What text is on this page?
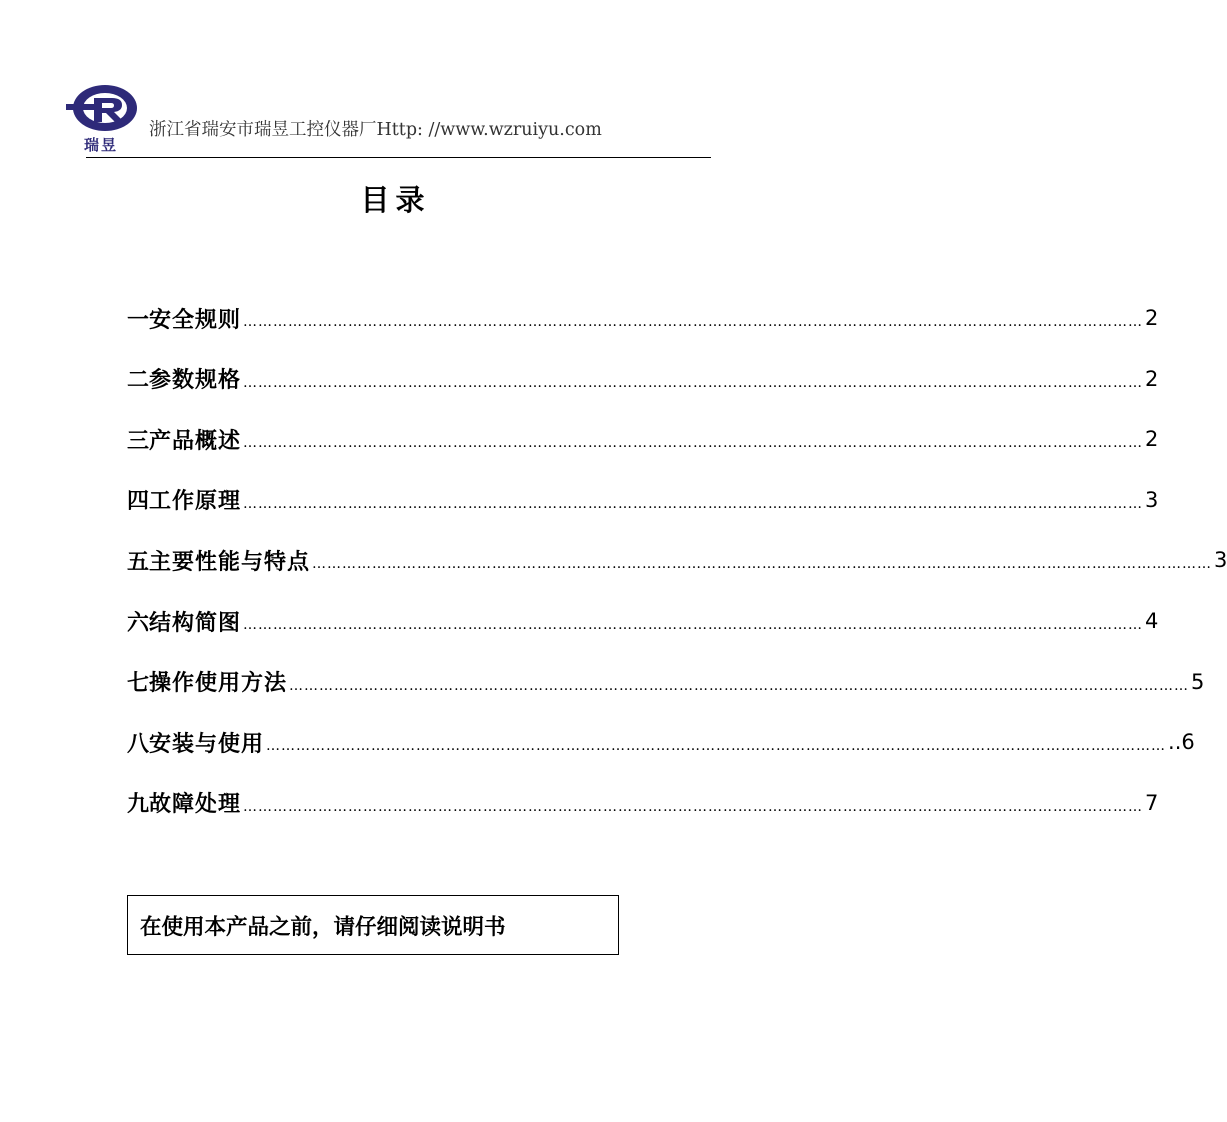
瑞昱
浙江省瑞安市瑞昱工控仪器厂Http: //www.wzruiyu.com
目录
一 安全规则 ……………………………………………………………………………………………………………………………………………………………… 2
二 参数规格 ……………………………………………………………………………………………………………………………………………………………… 2
三 产品概述 ……………………………………………………………………………………………………………………………………………………………… 2
四 工作原理 ……………………………………………………………………………………………………………………………………………………………… 3
五 主要性能与特点 ……………………………………………………………………………………………………………………………………………………………… 3
六 结构简图 ……………………………………………………………………………………………………………………………………………………………… 4
七 操作使用方法 ……………………………………………………………………………………………………………………………………………………………… 5
八 安装与使用 ……………………………………………………………………………………………………………………………………………………………… ..6
九 故障处理 ……………………………………………………………………………………………………………………………………………………………… 7
在使用本产品之前，请仔细阅读说明书
